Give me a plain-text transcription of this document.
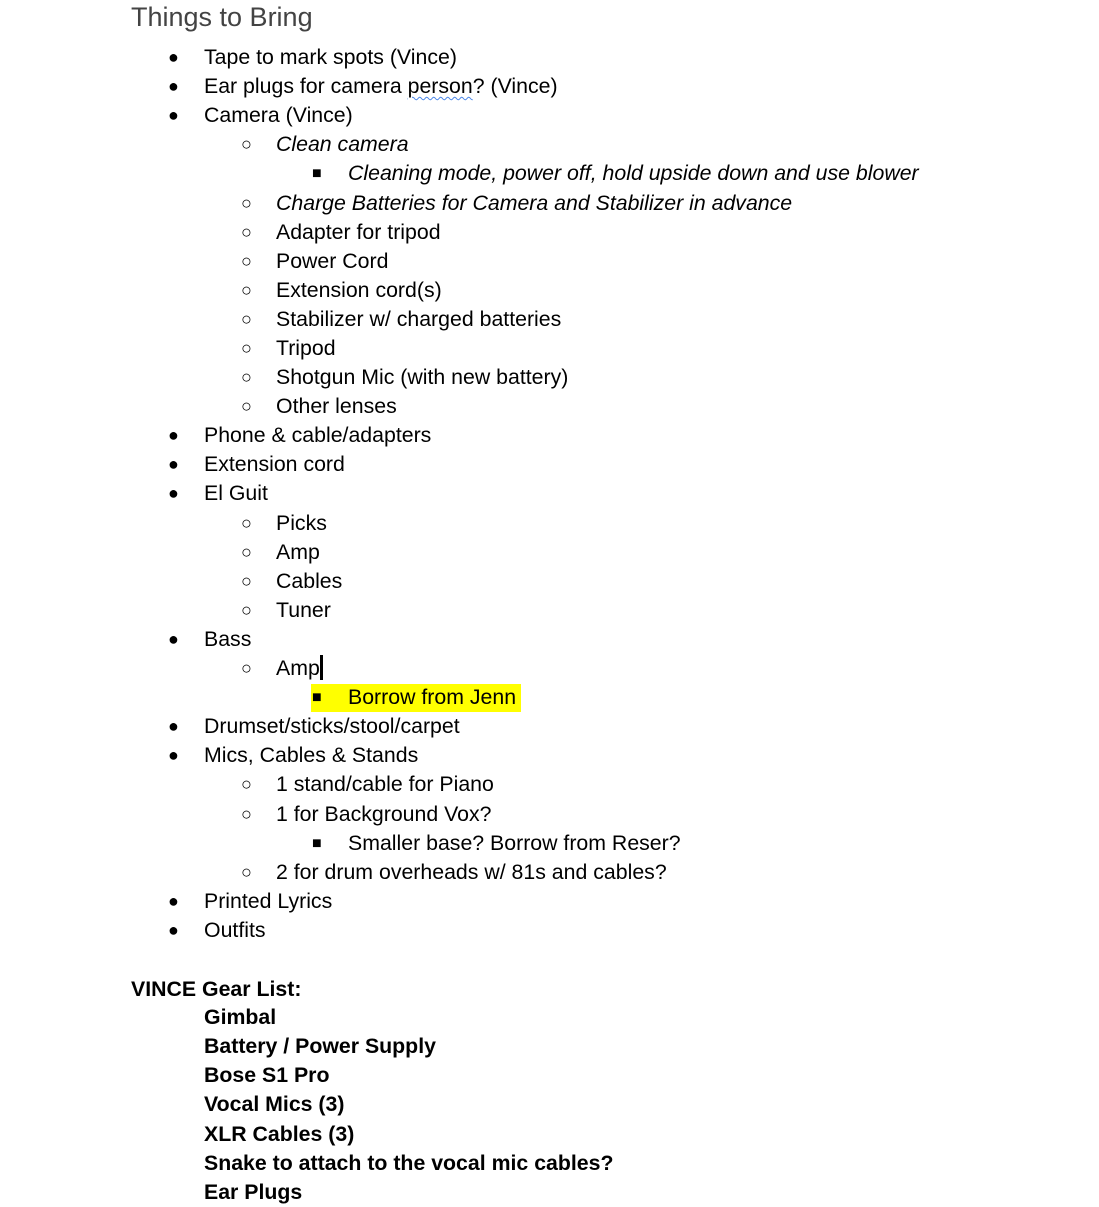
Things to Bring
● Tape to mark spots (Vince)
● Ear plugs for camera person? (Vince)
● Camera (Vince)
○ Clean camera
■ Cleaning mode, power off, hold upside down and use blower
○ Charge Batteries for Camera and Stabilizer in advance
○ Adapter for tripod
○ Power Cord
○ Extension cord(s)
○ Stabilizer w/ charged batteries
○ Tripod
○ Shotgun Mic (with new battery)
○ Other lenses
● Phone & cable/adapters
● Extension cord
● El Guit
○ Picks
○ Amp
○ Cables
○ Tuner
● Bass
○ Amp
■ Borrow from Jenn
● Drumset/sticks/stool/carpet
● Mics, Cables & Stands
○ 1 stand/cable for Piano
○ 1 for Background Vox?
■ Smaller base? Borrow from Reser?
○ 2 for drum overheads w/ 81s and cables?
● Printed Lyrics
● Outfits
VINCE Gear List:
Gimbal
Battery / Power Supply
Bose S1 Pro
Vocal Mics (3)
XLR Cables (3)
Snake to attach to the vocal mic cables?
Ear Plugs
